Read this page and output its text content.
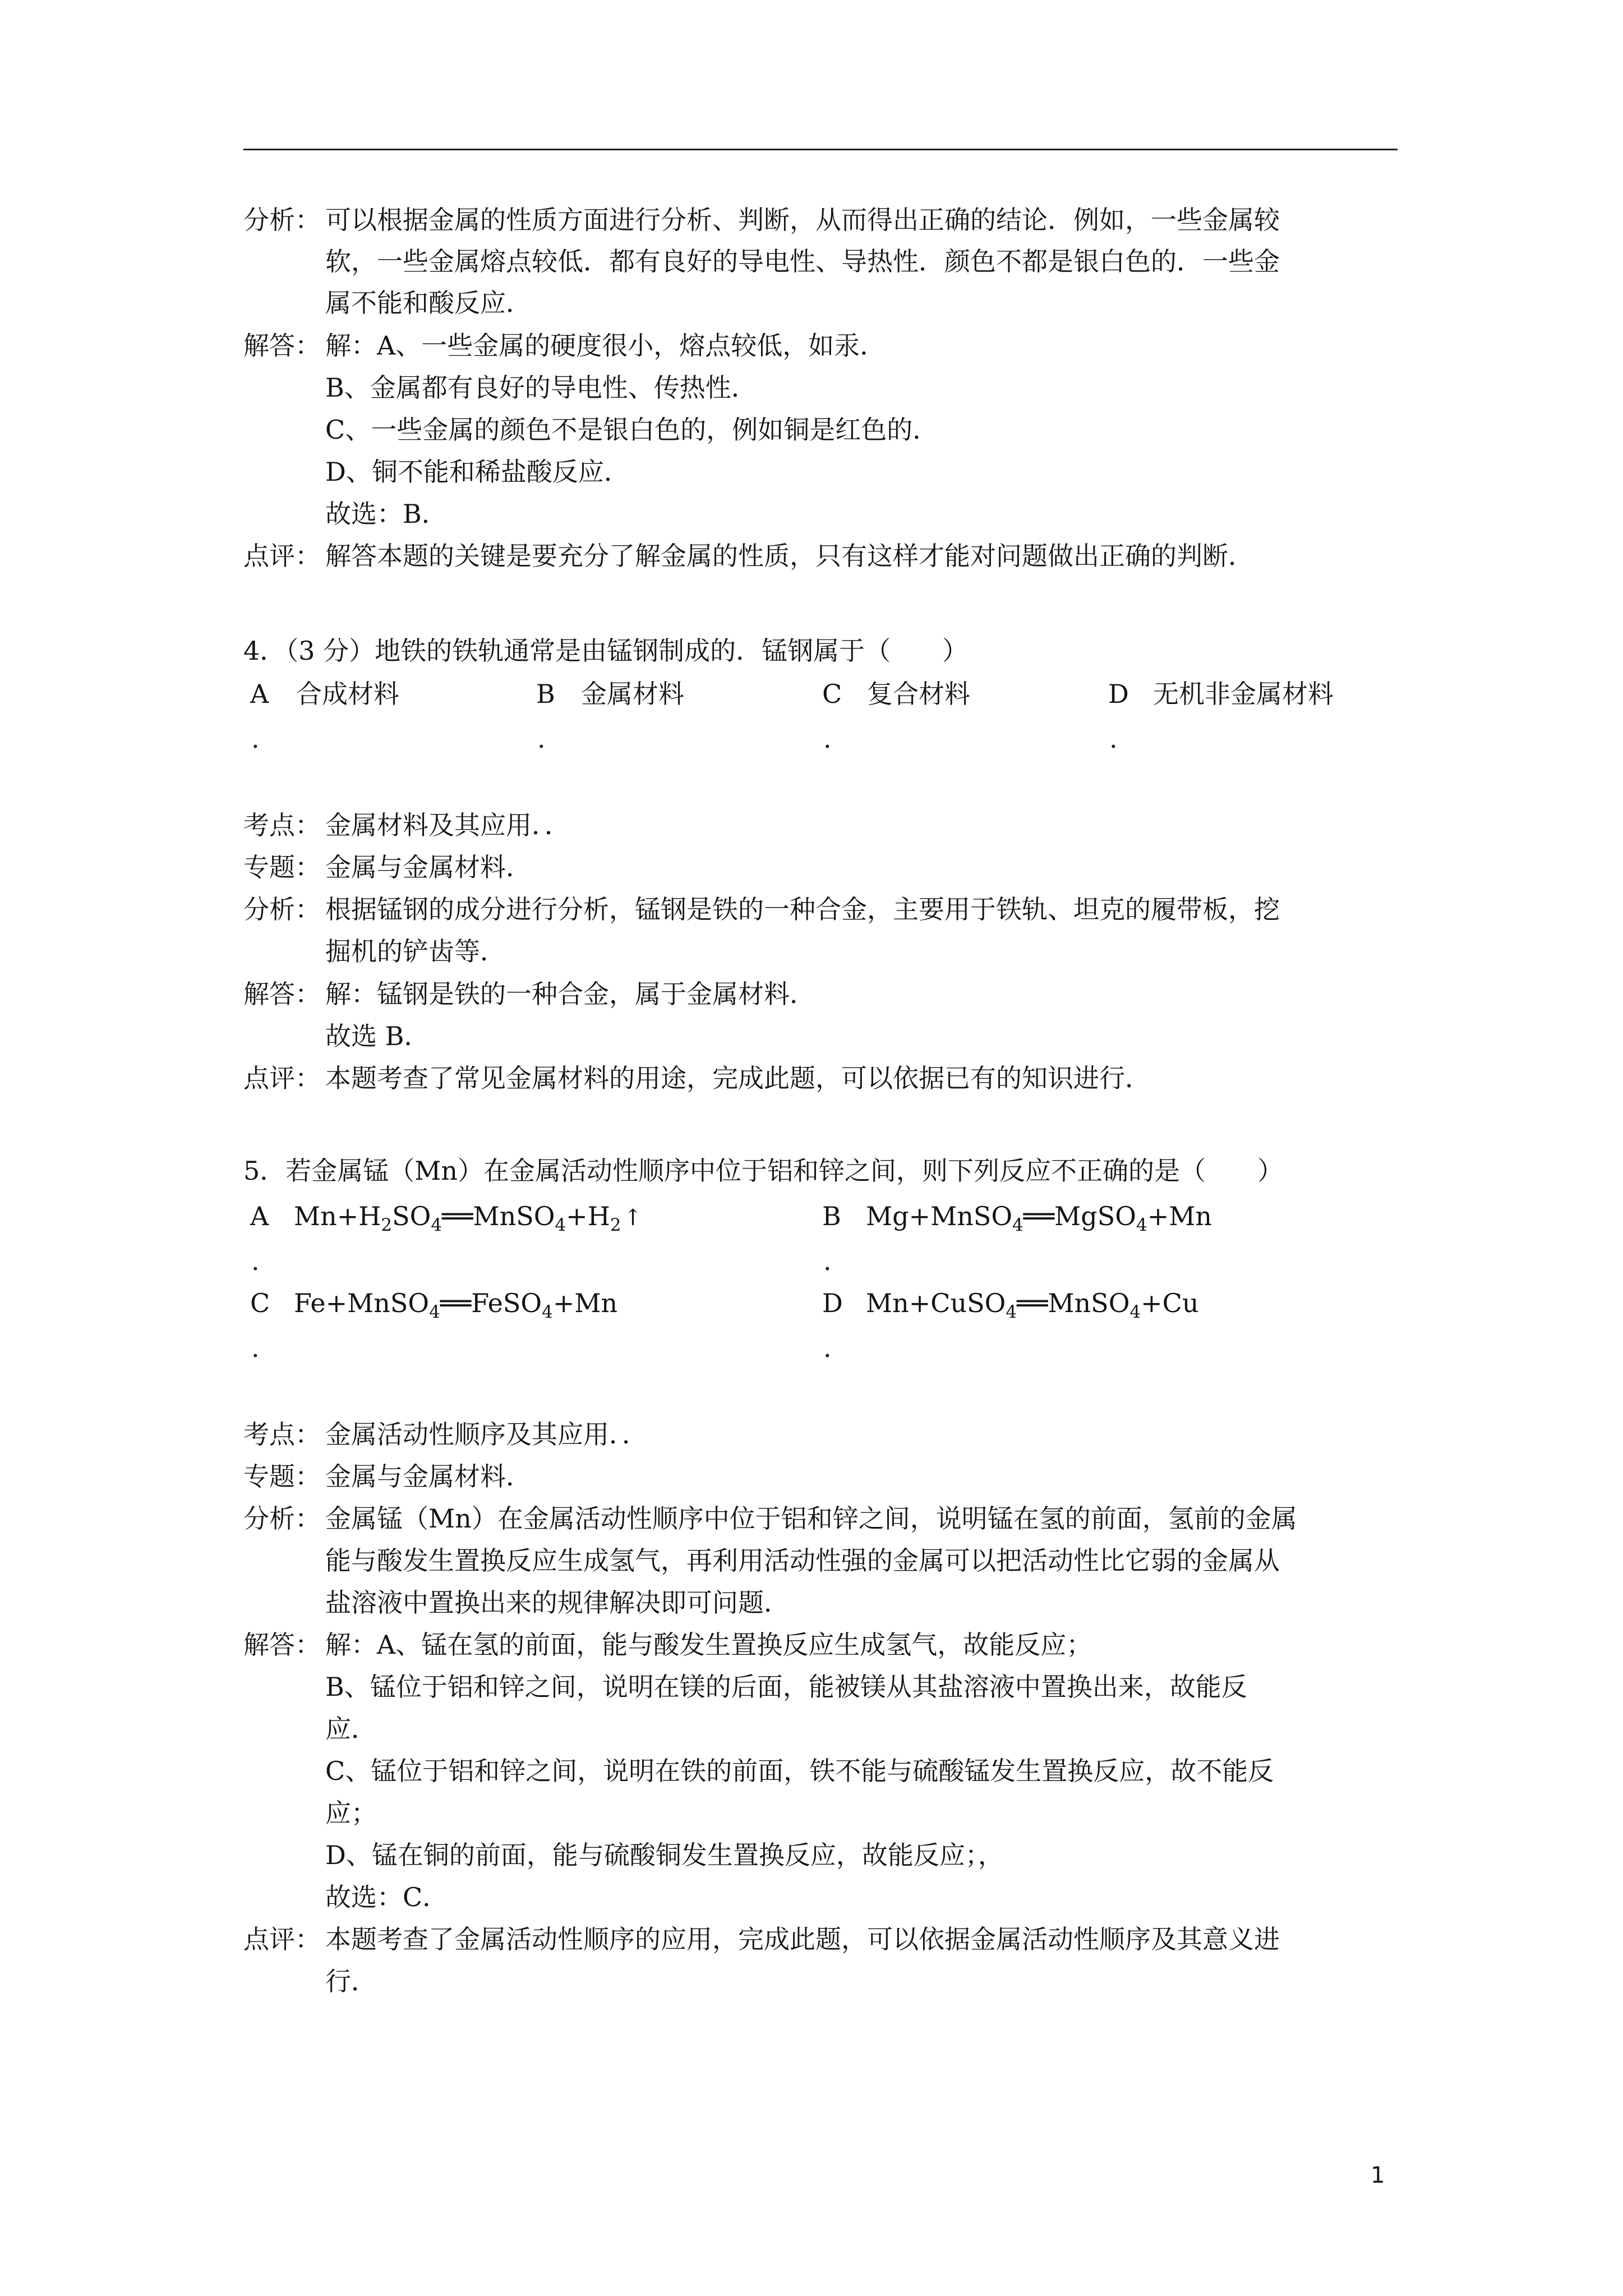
分析： 可以根据金属的性质方面进行分析、判断，从而得出正确的结论．例如，一些金属较
软，一些金属熔点较低．都有良好的导电性、导热性．颜色不都是银白色的．一些金
属不能和酸反应．
解答： 解：A、一些金属的硬度很小，熔点较低，如汞．
B、金属都有良好的导电性、传热性．
C、一些金属的颜色不是银白色的，例如铜是红色的．
D、铜不能和稀盐酸反应．
故选：B．
点评： 解答本题的关键是要充分了解金属的性质，只有这样才能对问题做出正确的判断．
4．（3 分）地铁的铁轨通常是由锰钢制成的．锰钢属于（　　）
A 合成材料
.
B 金属材料
.
C 复合材料
.
D 无机非金属材料
.
考点： 金属材料及其应用．．
专题： 金属与金属材料．
分析： 根据锰钢的成分进行分析，锰钢是铁的一种合金，主要用于铁轨、坦克的履带板，挖
掘机的铲齿等．
解答： 解：锰钢是铁的一种合金，属于金属材料．
故选 B．
点评： 本题考查了常见金属材料的用途，完成此题，可以依据已有的知识进行．
5．若金属锰（Mn）在金属活动性顺序中位于铝和锌之间，则下列反应不正确的是（　　）
A $Mn+H_2SO_4══MnSO_4+H_2$ ↑
.
B Mg+MnSO$_4$══MgSO$_4$+Mn
.
C Fe+MnSO$_4$══FeSO$_4$+Mn
.
D Mn+CuSO$_4$══MnSO$_4$+Cu
.
考点： 金属活动性顺序及其应用．．
专题： 金属与金属材料．
分析： 金属锰（Mn）在金属活动性顺序中位于铝和锌之间，说明锰在氢的前面，氢前的金属
能与酸发生置换反应生成氢气，再利用活动性强的金属可以把活动性比它弱的金属从
盐溶液中置换出来的规律解决即可问题．
解答： 解：A、锰在氢的前面，能与酸发生置换反应生成氢气，故能反应；
B、锰位于铝和锌之间，说明在镁的后面，能被镁从其盐溶液中置换出来，故能反
应．
C、锰位于铝和锌之间，说明在铁的前面，铁不能与硫酸锰发生置换反应，故不能反
应；
D、锰在铜的前面，能与硫酸铜发生置换反应，故能反应；，
故选：C．
点评： 本题考查了金属活动性顺序的应用，完成此题，可以依据金属活动性顺序及其意义进
行．
1
